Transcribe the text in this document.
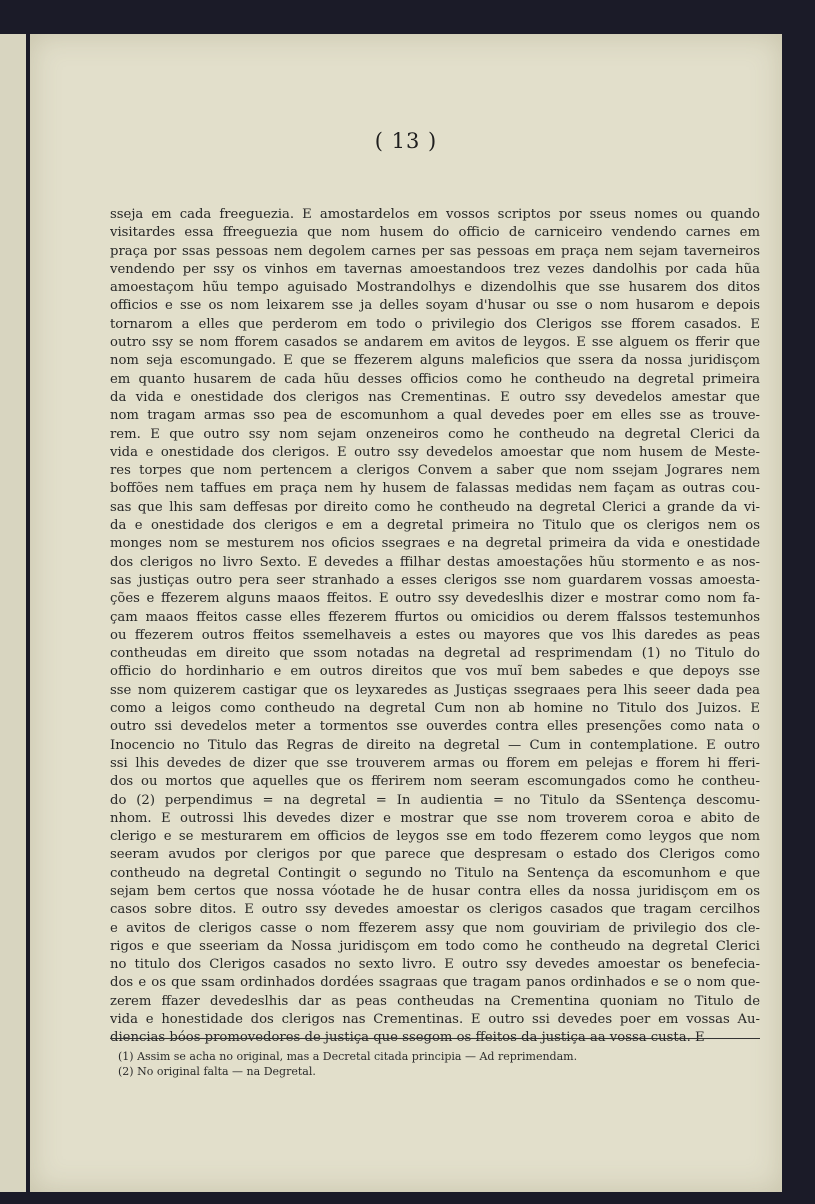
( 13 )
sseja em cada freeguezia. E amostardelos em vossos scriptos por sseus nomes ou quando
visitardes essa ffreeguezia que nom husem do officio de carniceiro vendendo carnes em
praça por ssas pessoas nem degolem carnes per sas pessoas em praça nem sejam taverneiros
vendendo per ssy os vinhos em tavernas amoestandoos trez vezes dandolhis por cada hũa
amoestaçom hũu tempo aguisado Mostrandolhys e dizendolhis que sse husarem dos ditos
officios e sse os nom leixarem sse ja delles soyam d'husar ou sse o nom husarom e depois
tornarom a elles que perderom em todo o privilegio dos Clerigos sse fforem casados. E
outro ssy se nom fforem casados se andarem em avitos de leygos. E sse alguem os fferir que
nom seja escomungado. E que se ffezerem alguns maleficios que ssera da nossa juridisçom
em quanto husarem de cada hũu desses officios como he contheudo na degretal primeira
da vida e onestidade dos clerigos nas Crementinas. E outro ssy devedelos amestar que
nom tragam armas sso pea de escomunhom a qual devedes poer em elles sse as trouve-
rem. E que outro ssy nom sejam onzeneiros como he contheudo na degretal Clerici da
vida e onestidade dos clerigos. E outro ssy devedelos amoestar que nom husem de Meste-
res torpes que nom pertencem a clerigos Convem a saber que nom ssejam Jograres nem
boffões nem taffues em praça nem hy husem de falassas medidas nem façam as outras cou-
sas que lhis sam deffesas por direito como he contheudo na degretal Clerici a grande da vi-
da e onestidade dos clerigos e em a degretal primeira no Titulo que os clerigos nem os
monges nom se mesturem nos oficios ssegraes e na degretal primeira da vida e onestidade
dos clerigos no livro Sexto. E devedes a ffilhar destas amoestações hũu stormento e as nos-
sas justiças outro pera seer stranhado a esses clerigos sse nom guardarem vossas amoesta-
ções e ffezerem alguns maaos ffeitos. E outro ssy devedeslhis dizer e mostrar como nom fa-
çam maaos ffeitos casse elles ffezerem ffurtos ou omicidios ou derem ffalssos testemunhos
ou ffezerem outros ffeitos ssemelhaveis a estes ou mayores que vos lhis daredes as peas
contheudas em direito que ssom notadas na degretal ad resprimendam (1) no Titulo do
officio do hordinhario e em outros direitos que vos muĩ bem sabedes e que depoys sse
sse nom quizerem castigar que os leyxaredes as Justiças ssegraaes pera lhis seeer dada pea
como a leigos como contheudo na degretal Cum non ab homine no Titulo dos Juizos. E
outro ssi devedelos meter a tormentos sse ouverdes contra elles presenções como nata o
Inocencio no Titulo das Regras de direito na degretal — Cum in contemplatione. E outro
ssi lhis devedes de dizer que sse trouverem armas ou fforem em pelejas e fforem hi fferi-
dos ou mortos que aquelles que os fferirem nom seeram escomungados como he contheu-
do (2) perpendimus = na degretal = In audientia = no Titulo da SSentença descomu-
nhom. E outrossi lhis devedes dizer e mostrar que sse nom troverem coroa e abito de
clerigo e se mesturarem em officios de leygos sse em todo ffezerem como leygos que nom
seeram avudos por clerigos por que parece que despresam o estado dos Clerigos como
contheudo na degretal Contingit o segundo no Titulo na Sentença da escomunhom e que
sejam bem certos que nossa vóotade he de husar contra elles da nossa juridisçom em os
casos sobre ditos. E outro ssy devedes amoestar os clerigos casados que tragam cercilhos
e avitos de clerigos casse o nom ffezerem assy que nom gouviriam de privilegio dos cle-
rigos e que sseeriam da Nossa juridisçom em todo como he contheudo na degretal Clerici
no titulo dos Clerigos casados no sexto livro. E outro ssy devedes amoestar os benefecia-
dos e os que ssam ordinhados dordées ssagraas que tragam panos ordinhados e se o nom que-
zerem ffazer devedeslhis dar as peas contheudas na Crementina quoniam no Titulo de
vida e honestidade dos clerigos nas Crementinas. E outro ssi devedes poer em vossas Au-
diencias bóos promovedores de justiça que ssegom os ffeitos da justiça aa vossa custa. E
(1) Assim se acha no original, mas a Decretal citada principia — Ad reprimendam.
(2) No original falta — na Degretal.
